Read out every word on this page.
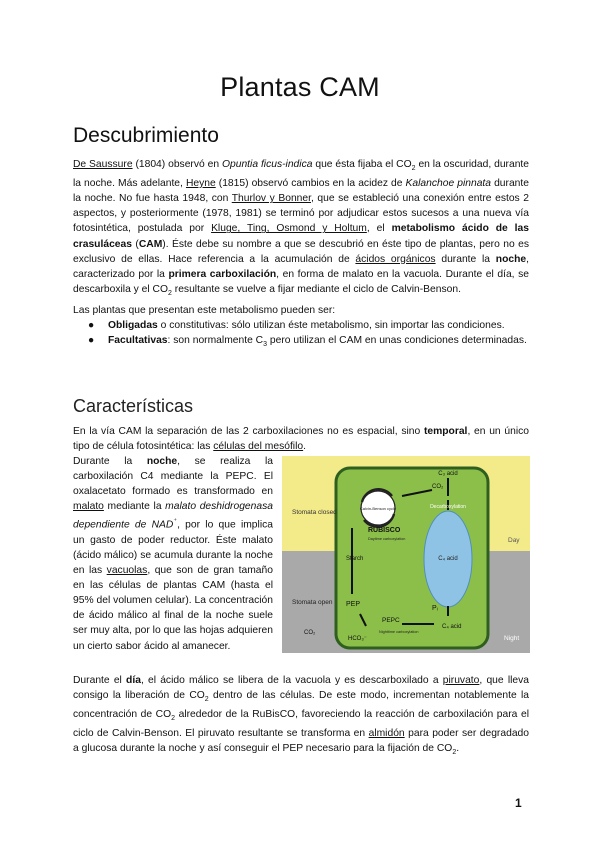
Plantas CAM
Descubrimiento
De Saussure (1804) observó en Opuntia ficus-indica que ésta fijaba el $CO_2$ en la oscuridad, durante la noche. Más adelante, Heyne (1815) observó cambios en la acidez de Kalanchoe pinnata durante la noche. No fue hasta 1948, con Thurlov y Bonner, que se estableció una conexión entre estos 2 aspectos, y posteriormente (1978, 1981) se terminó por adjudicar estos sucesos a una nueva vía fotosintética, postulada por Kluge, Ting, Osmond y Holtum, el metabolismo ácido de las crasuláceas (CAM). Éste debe su nombre a que se descubrió en éste tipo de plantas, pero no es exclusivo de ellas. Hace referencia a la acumulación de ácidos orgánicos durante la noche, caracterizado por la primera carboxilación, en forma de malato en la vacuola. Durante el día, se descarboxila y el $CO_2$ resultante se vuelve a fijar mediante el ciclo de Calvin-Benson.
Las plantas que presentan este metabolismo pueden ser:
● Obligadas o constitutivas: sólo utilizan éste metabolismo, sin importar las condiciones.
● Facultativas: son normalmente $C_3$ pero utilizan el CAM en unas condiciones determinadas.
Características
En la vía CAM la separación de las 2 carboxilaciones no es espacial, sino temporal, en un único tipo de célula fotosintética: las células del mesófilo.
Durante la noche, se realiza la carboxilación C4 mediante la PEPC. El oxalacetato formado es transformado en malato mediante la malato deshidrogenasa dependiente de NAD⁺, por lo que implica un gasto de poder reductor. Éste malato (ácido málico) se acumula durante la noche en las vacuolas, que son de gran tamaño en las células de plantas CAM (hasta el 95% del volumen celular). La concentración de ácido málico al final de la noche suele ser muy alta, por lo que las hojas adquieren un cierto sabor ácido al amanecer.
Durante el día, el ácido málico se libera de la vacuola y es descarboxilado a piruvato, que lleva consigo la liberación de $CO_2$ dentro de las células. De este modo, incrementan notablemente la concentración de $CO_2$ alrededor de la RuBisCO, favoreciendo la reacción de carboxilación para el ciclo de Calvin-Benson. El piruvato resultante se transforma en almidón para poder ser degradado a glucosa durante la noche y así conseguir el PEP necesario para la fijación de $CO_2$.
Calvin-Benson cycle
Stomata closed
Stomata open
Day
Night
C₃ acid
CO₂
Decarboxylation
RUBISCO
Daytime carboxylation
C₄ acid
Starch
PEP
PEPC
Nighttime carboxylation
Pᵢ
C₄ acid
CO₂
HCO₃⁻
1
